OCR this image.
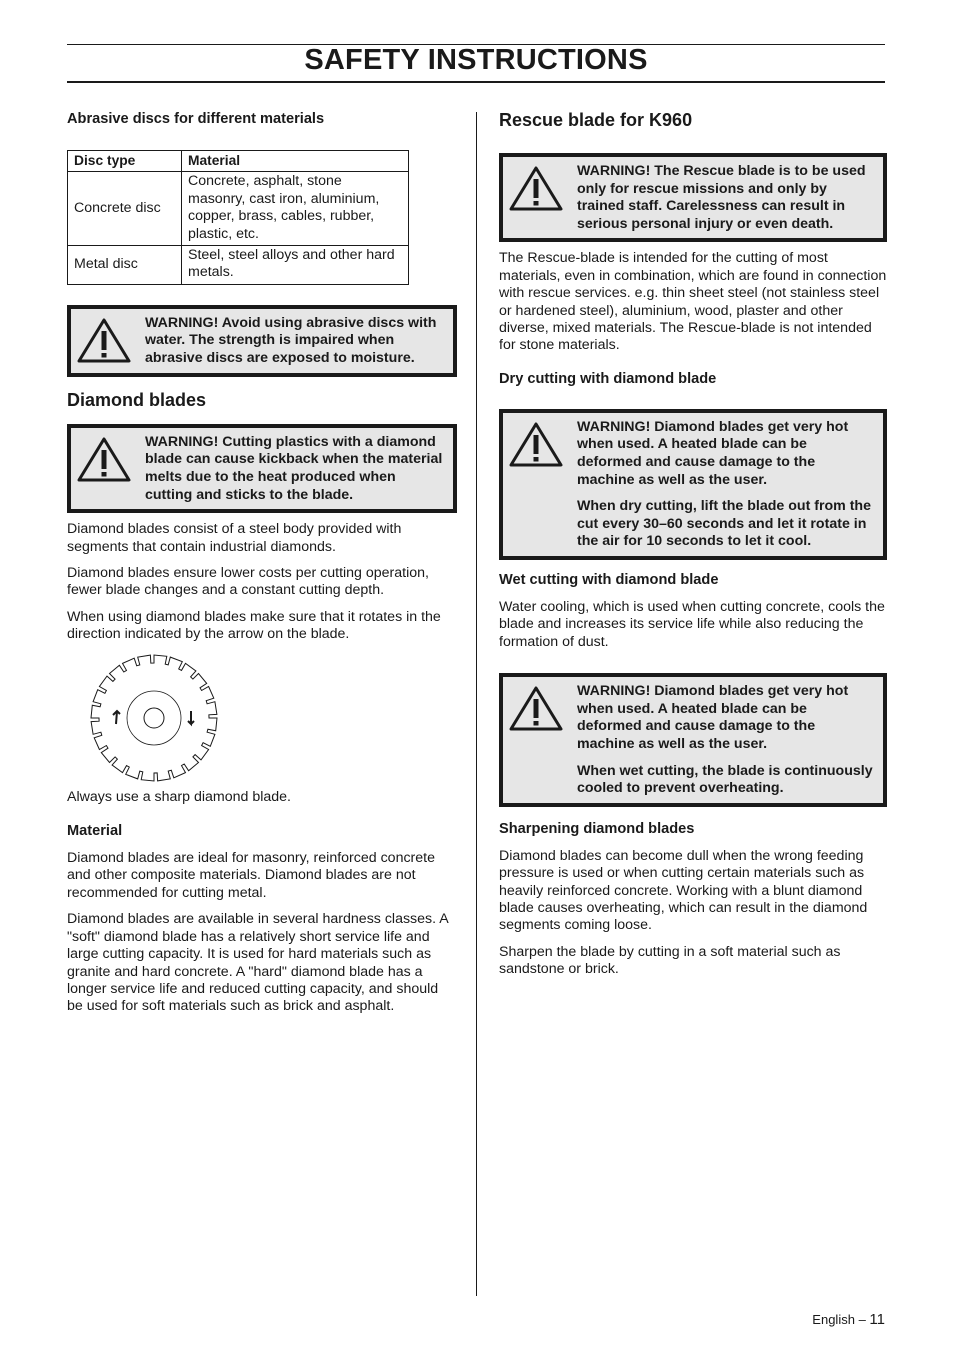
SAFETY INSTRUCTIONS
Abrasive discs for different materials
Disc type	Material
Concrete disc	Concrete, asphalt, stone masonry, cast iron, aluminium, copper, brass, cables, rubber, plastic, etc.
Metal disc	Steel, steel alloys and other hard metals.

WARNING! Avoid using abrasive discs with water. The strength is impaired when abrasive discs are exposed to moisture.

Diamond blades

WARNING! Cutting plastics with a diamond blade can cause kickback when the material melts due to the heat produced when cutting and sticks to the blade.

Diamond blades consist of a steel body provided with segments that contain industrial diamonds.

Diamond blades ensure lower costs per cutting operation, fewer blade changes and a constant cutting depth.

When using diamond blades make sure that it rotates in the direction indicated by the arrow on the blade.

Always use a sharp diamond blade.

Material

Diamond blades are ideal for masonry, reinforced concrete and other composite materials. Diamond blades are not recommended for cutting metal.

Diamond blades are available in several hardness classes. A "soft" diamond blade has a relatively short service life and large cutting capacity. It is used for hard materials such as granite and hard concrete. A "hard" diamond blade has a longer service life and reduced cutting capacity, and should be used for soft materials such as brick and asphalt.

Rescue blade for K960

WARNING! The Rescue blade is to be used only for rescue missions and only by trained staff. Carelessness can result in serious personal injury or even death.

The Rescue-blade is intended for the cutting of most materials, even in combination, which are found in connection with rescue services. e.g. thin sheet steel (not stainless steel or hardened steel), aluminium, wood, plaster and other diverse, mixed materials. The Rescue-blade is not intended for stone materials.

Dry cutting with diamond blade

WARNING! Diamond blades get very hot when used. A heated blade can be deformed and cause damage to the machine as well as the user.

When dry cutting, lift the blade out from the cut every 30–60 seconds and let it rotate in the air for 10 seconds to let it cool.

Wet cutting with diamond blade

Water cooling, which is used when cutting concrete, cools the blade and increases its service life while also reducing the formation of dust.

WARNING! Diamond blades get very hot when used. A heated blade can be deformed and cause damage to the machine as well as the user.

When wet cutting, the blade is continuously cooled to prevent overheating.

Sharpening diamond blades

Diamond blades can become dull when the wrong feeding pressure is used or when cutting certain materials such as heavily reinforced concrete. Working with a blunt diamond blade causes overheating, which can result in the diamond segments coming loose.

Sharpen the blade by cutting in a soft material such as sandstone or brick.

English – 11
